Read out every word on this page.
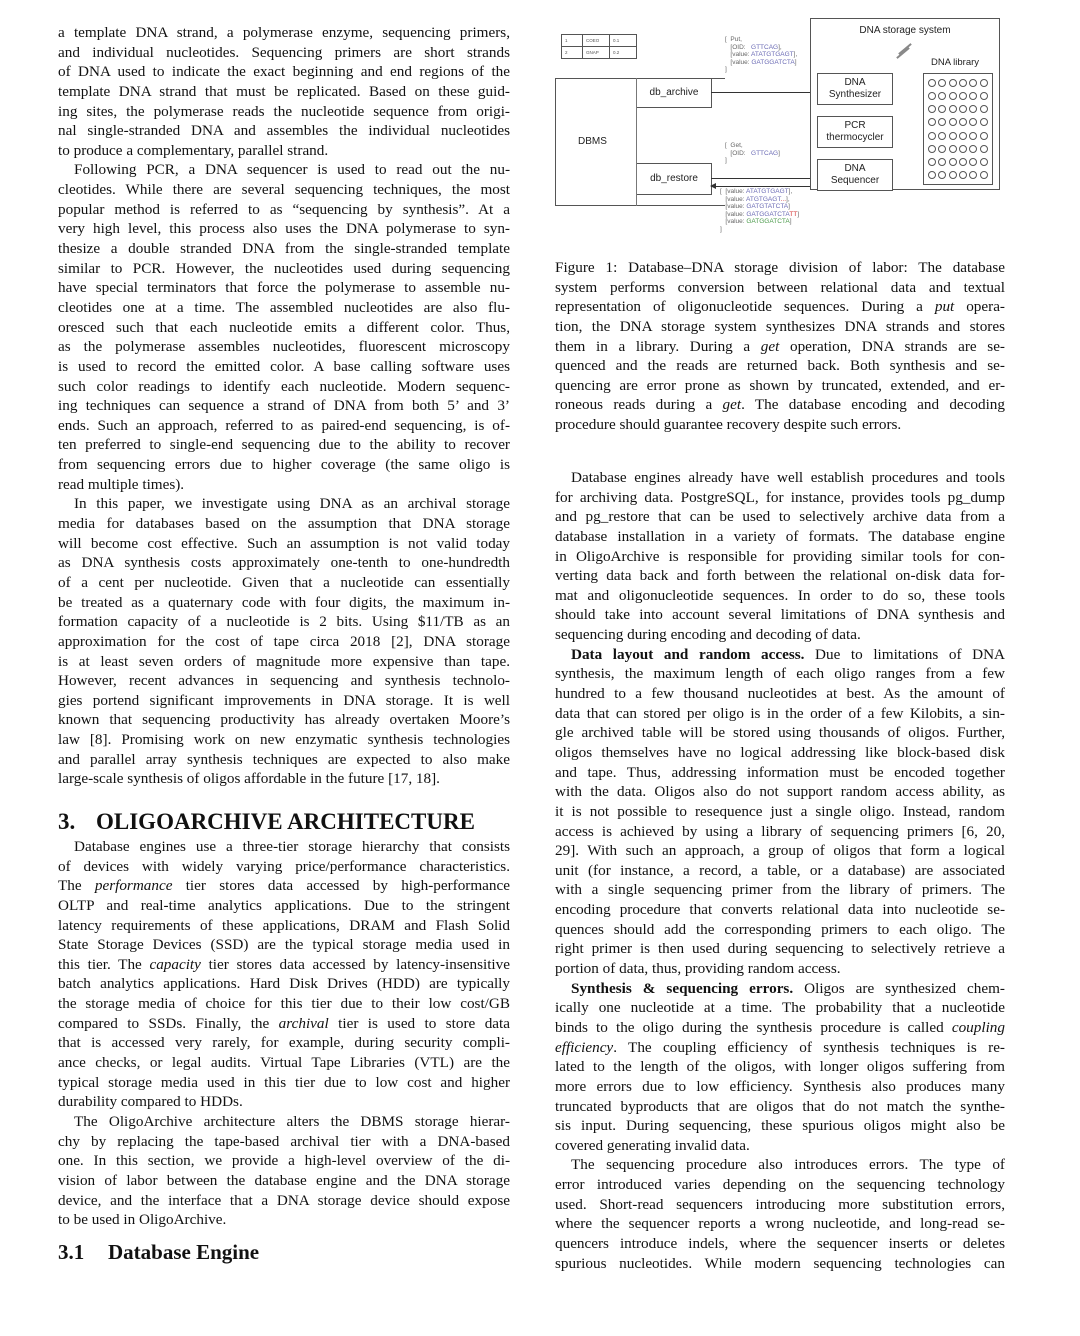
a template DNA strand, a polymerase enzyme, sequencing primers,
and individual nucleotides. Sequencing primers are short strands
of DNA used to indicate the exact beginning and end regions of the
template DNA strand that must be replicated. Based on these guid-
ing sites, the polymerase reads the nucleotide sequence from origi-
nal single-stranded DNA and assembles the individual nucleotides
to produce a complementary, parallel strand.
Following PCR, a DNA sequencer is used to read out the nu-
cleotides. While there are several sequencing techniques, the most
popular method is referred to as “sequencing by synthesis”. At a
very high level, this process also uses the DNA polymerase to syn-
thesize a double stranded DNA from the single-stranded template
similar to PCR. However, the nucleotides used during sequencing
have special terminators that force the polymerase to assemble nu-
cleotides one at a time. The assembled nucleotides are also flu-
oresced such that each nucleotide emits a different color. Thus,
as the polymerase assembles nucleotides, fluorescent microscopy
is used to record the emitted color. A base calling software uses
such color readings to identify each nucleotide. Modern sequenc-
ing techniques can sequence a strand of DNA from both 5’ and 3’
ends. Such an approach, referred to as paired-end sequencing, is of-
ten preferred to single-end sequencing due to the ability to recover
from sequencing errors due to higher coverage (the same oligo is
read multiple times).
In this paper, we investigate using DNA as an archival storage
media for databases based on the assumption that DNA storage
will become cost effective. Such an assumption is not valid today
as DNA synthesis costs approximately one-tenth to one-hundredth
of a cent per nucleotide. Given that a nucleotide can essentially
be treated as a quaternary code with four digits, the maximum in-
formation capacity of a nucleotide is 2 bits. Using $11/TB as an
approximation for the cost of tape circa 2018 [2], DNA storage
is at least seven orders of magnitude more expensive than tape.
However, recent advances in sequencing and synthesis technolo-
gies portend significant improvements in DNA storage. It is well
known that sequencing productivity has already overtaken Moore’s
law [8]. Promising work on new enzymatic synthesis technologies
and parallel array synthesis techniques are expected to also make
large-scale synthesis of oligos affordable in the future [17, 18].
3. OLIGOARCHIVE ARCHITECTURE
Database engines use a three-tier storage hierarchy that consists
of devices with widely varying price/performance characteristics.
The performance tier stores data accessed by high-performance
OLTP and real-time analytics applications. Due to the stringent
latency requirements of these applications, DRAM and Flash Solid
State Storage Devices (SSD) are the typical storage media used in
this tier. The capacity tier stores data accessed by latency-insensitive
batch analytics applications. Hard Disk Drives (HDD) are typically
the storage media of choice for this tier due to their low cost/GB
compared to SSDs. Finally, the archival tier is used to store data
that is accessed very rarely, for example, during security compli-
ance checks, or legal audits. Virtual Tape Libraries (VTL) are the
typical storage media used in this tier due to low cost and higher
durability compared to HDDs.
The OligoArchive architecture alters the DBMS storage hierar-
chy by replacing the tape-based archival tier with a DNA-based
one. In this section, we provide a high-level overview of the di-
vision of labor between the database engine and the DNA storage
device, and the interface that a DNA storage device should expose
to be used in OligoArchive.
3.1 Database Engine
1	COEO	0.1
2	GNAP	0.2
DBMS
db_archive
db_restore
[  Put,
[OID:   GTTCAG],
[value: ATATGTGAGT],
[value: GATGGATCTA]
]
[  Get,
[OID:   GTTCAG]
]
[  [value: ATATGTGAGT],
[value: ATGTGAGT...],
[value: GATGTATCTA]
[value: GATGGATCTATT]
[value: GATGGATCTA]
]
DNA storage system
DNA Synthesizer
PCR thermocycler
DNA Sequencer
DNA library
Figure 1: Database–DNA storage division of labor: The database
system performs conversion between relational data and textual
representation of oligonucleotide sequences. During a put opera-
tion, the DNA storage system synthesizes DNA strands and stores
them in a library. During a get operation, DNA strands are se-
quenced and the reads are returned back. Both synthesis and se-
quencing are error prone as shown by truncated, extended, and er-
roneous reads during a get. The database encoding and decoding
procedure should guarantee recovery despite such errors.
Database engines already have well establish procedures and tools
for archiving data. PostgreSQL, for instance, provides tools pg_dump
and pg_restore that can be used to selectively archive data from a
database installation in a variety of formats. The database engine
in OligoArchive is responsible for providing similar tools for con-
verting data back and forth between the relational on-disk data for-
mat and oligonucleotide sequences. In order to do so, these tools
should take into account several limitations of DNA synthesis and
sequencing during encoding and decoding of data.
Data layout and random access. Due to limitations of DNA
synthesis, the maximum length of each oligo ranges from a few
hundred to a few thousand nucleotides at best. As the amount of
data that can stored per oligo is in the order of a few Kilobits, a sin-
gle archived table will be stored using thousands of oligos. Further,
oligos themselves have no logical addressing like block-based disk
and tape. Thus, addressing information must be encoded together
with the data. Oligos also do not support random access ability, as
it is not possible to resequence just a single oligo. Instead, random
access is achieved by using a library of sequencing primers [6, 20,
29]. With such an approach, a group of oligos that form a logical
unit (for instance, a record, a table, or a database) are associated
with a single sequencing primer from the library of primers. The
encoding procedure that converts relational data into nucleotide se-
quences should add the corresponding primers to each oligo. The
right primer is then used during sequencing to selectively retrieve a
portion of data, thus, providing random access.
Synthesis & sequencing errors. Oligos are synthesized chem-
ically one nucleotide at a time. The probability that a nucleotide
binds to the oligo during the synthesis procedure is called coupling
efficiency. The coupling efficiency of synthesis techniques is re-
lated to the length of the oligos, with longer oligos suffering from
more errors due to low efficiency. Synthesis also produces many
truncated byproducts that are oligos that do not match the synthe-
sis input. During sequencing, these spurious oligos might also be
covered generating invalid data.
The sequencing procedure also introduces errors. The type of
error introduced varies depending on the sequencing technology
used. Short-read sequencers introducing more substitution errors,
where the sequencer reports a wrong nucleotide, and long-read se-
quencers introduce indels, where the sequencer inserts or deletes
spurious nucleotides. While modern sequencing technologies can
